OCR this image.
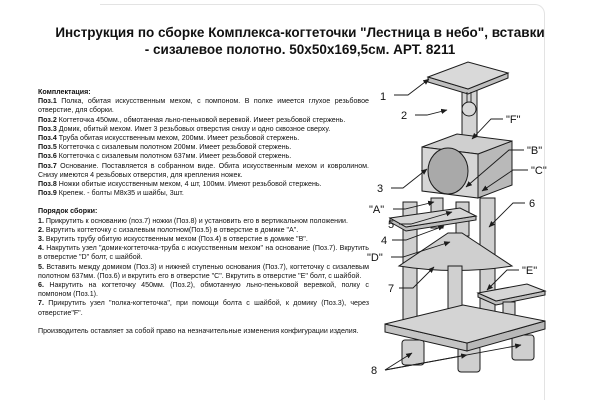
Инструкция по сборке Комплекса-когтеточки "Лестница в небо", вставки
- сизалевое полотно. 50х50х169,5см. АРТ. 8211

Комплектация:

Поз.1 Полка, обитая искусственным мехом, с помпоном. В полке имеется глухое резьбовое отверстие, для сборки.

Поз.2 Когтеточка 450мм., обмотанная льно-пеньковой веревкой. Имеет резьбовой стержень.

Поз.3 Домик, обитый мехом. Имет 3 резьбовых отверстия снизу и одно сквозное сверху.

Поз.4 Труба обитая искусственным мехом, 200мм. Имеет резьбовой стержень.

Поз.5 Когтеточка с сизалевым полотном 200мм. Имеет резьбовой стержень.

Поз.6 Когтеточка с сизалевым полотном 637мм. Имеет резьбовой стержень.

Поз.7 Основание. Поставляется в собранном виде. Обита искусственным мехом и ковролином. Снизу имеются 4 резьбовых отверстия, для крепления ножек.

Поз.8 Ножки обитые искусственным мехом, 4 шт, 100мм. Имеют резьбовой стержень.

Поз.9 Крепеж. - болты М8х35 и шайбы, 3шт.

Порядок сборки:

1. Прикрутить к основанию (поз.7) ножки (Поз.8) и установить его в вертикальном положении.

2. Вкрутить когтеточку с сизалевым полотном(Поз.5) в отверстие в домике "А".

3. Вкрутить трубу обитую искусственным мехом (Поз.4) в отверстие в домике "В".

4. Накрутить узел "домик-когтеточка-труба с искусственным мехом" на основание (Поз.7). Вкрутить в отверстие "D" болт, с шайбой.

5. Вставить между домиком (Поз.3) и нижней ступенью основания (Поз.7), когтеточку с сизалевым полотном 637мм. (Поз.6) и вкрутить его в отверстие "С". Вкрутить в отверстие "Е" болт, с шайбой.

6. Накрутить на когтеточку 450мм. (Поз.2), обмотанную льно-пеньковой веревкой, полку с помпоном (Поз.1).

7. Прикрутить узел "полка-когтеточка", при помощи болта с шайбой, к домику (Поз.3), через отверстие"F".

Производитель оставляет за собой право на незначительные изменения конфигурации изделия.

1
2	"F"
"B"
"C"
3
"A"
5
4
"D"
6
7
"E"
8
